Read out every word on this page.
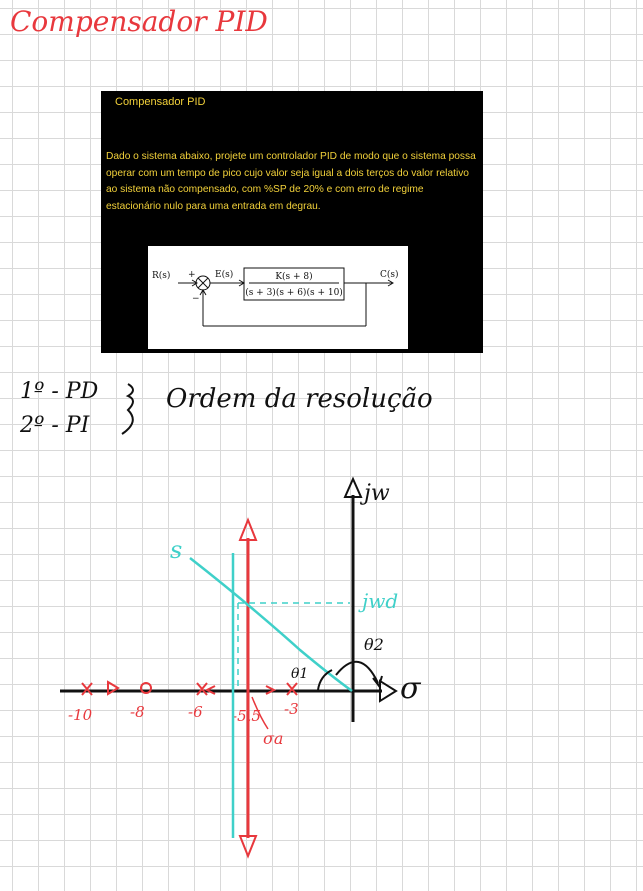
Compensador PID
1º - PD
2º - PI
Ordem da resolução
jw
σ
-10	-8	-6 -5,5 -3
σa
s
jwd
θ1
θ2
Compensador PID
Dado o sistema abaixo, projete um controlador PID de modo que o sistema possa operar com um tempo de pico cujo valor seja igual a dois terços do valor relativo ao sistema não compensado, com %SP de 20% e com erro de regime estacionário nulo para uma entrada em degrau.
R(s) +
−
E(s)	K(s + 8)
(s + 3)(s + 6)(s + 10)
C(s)
